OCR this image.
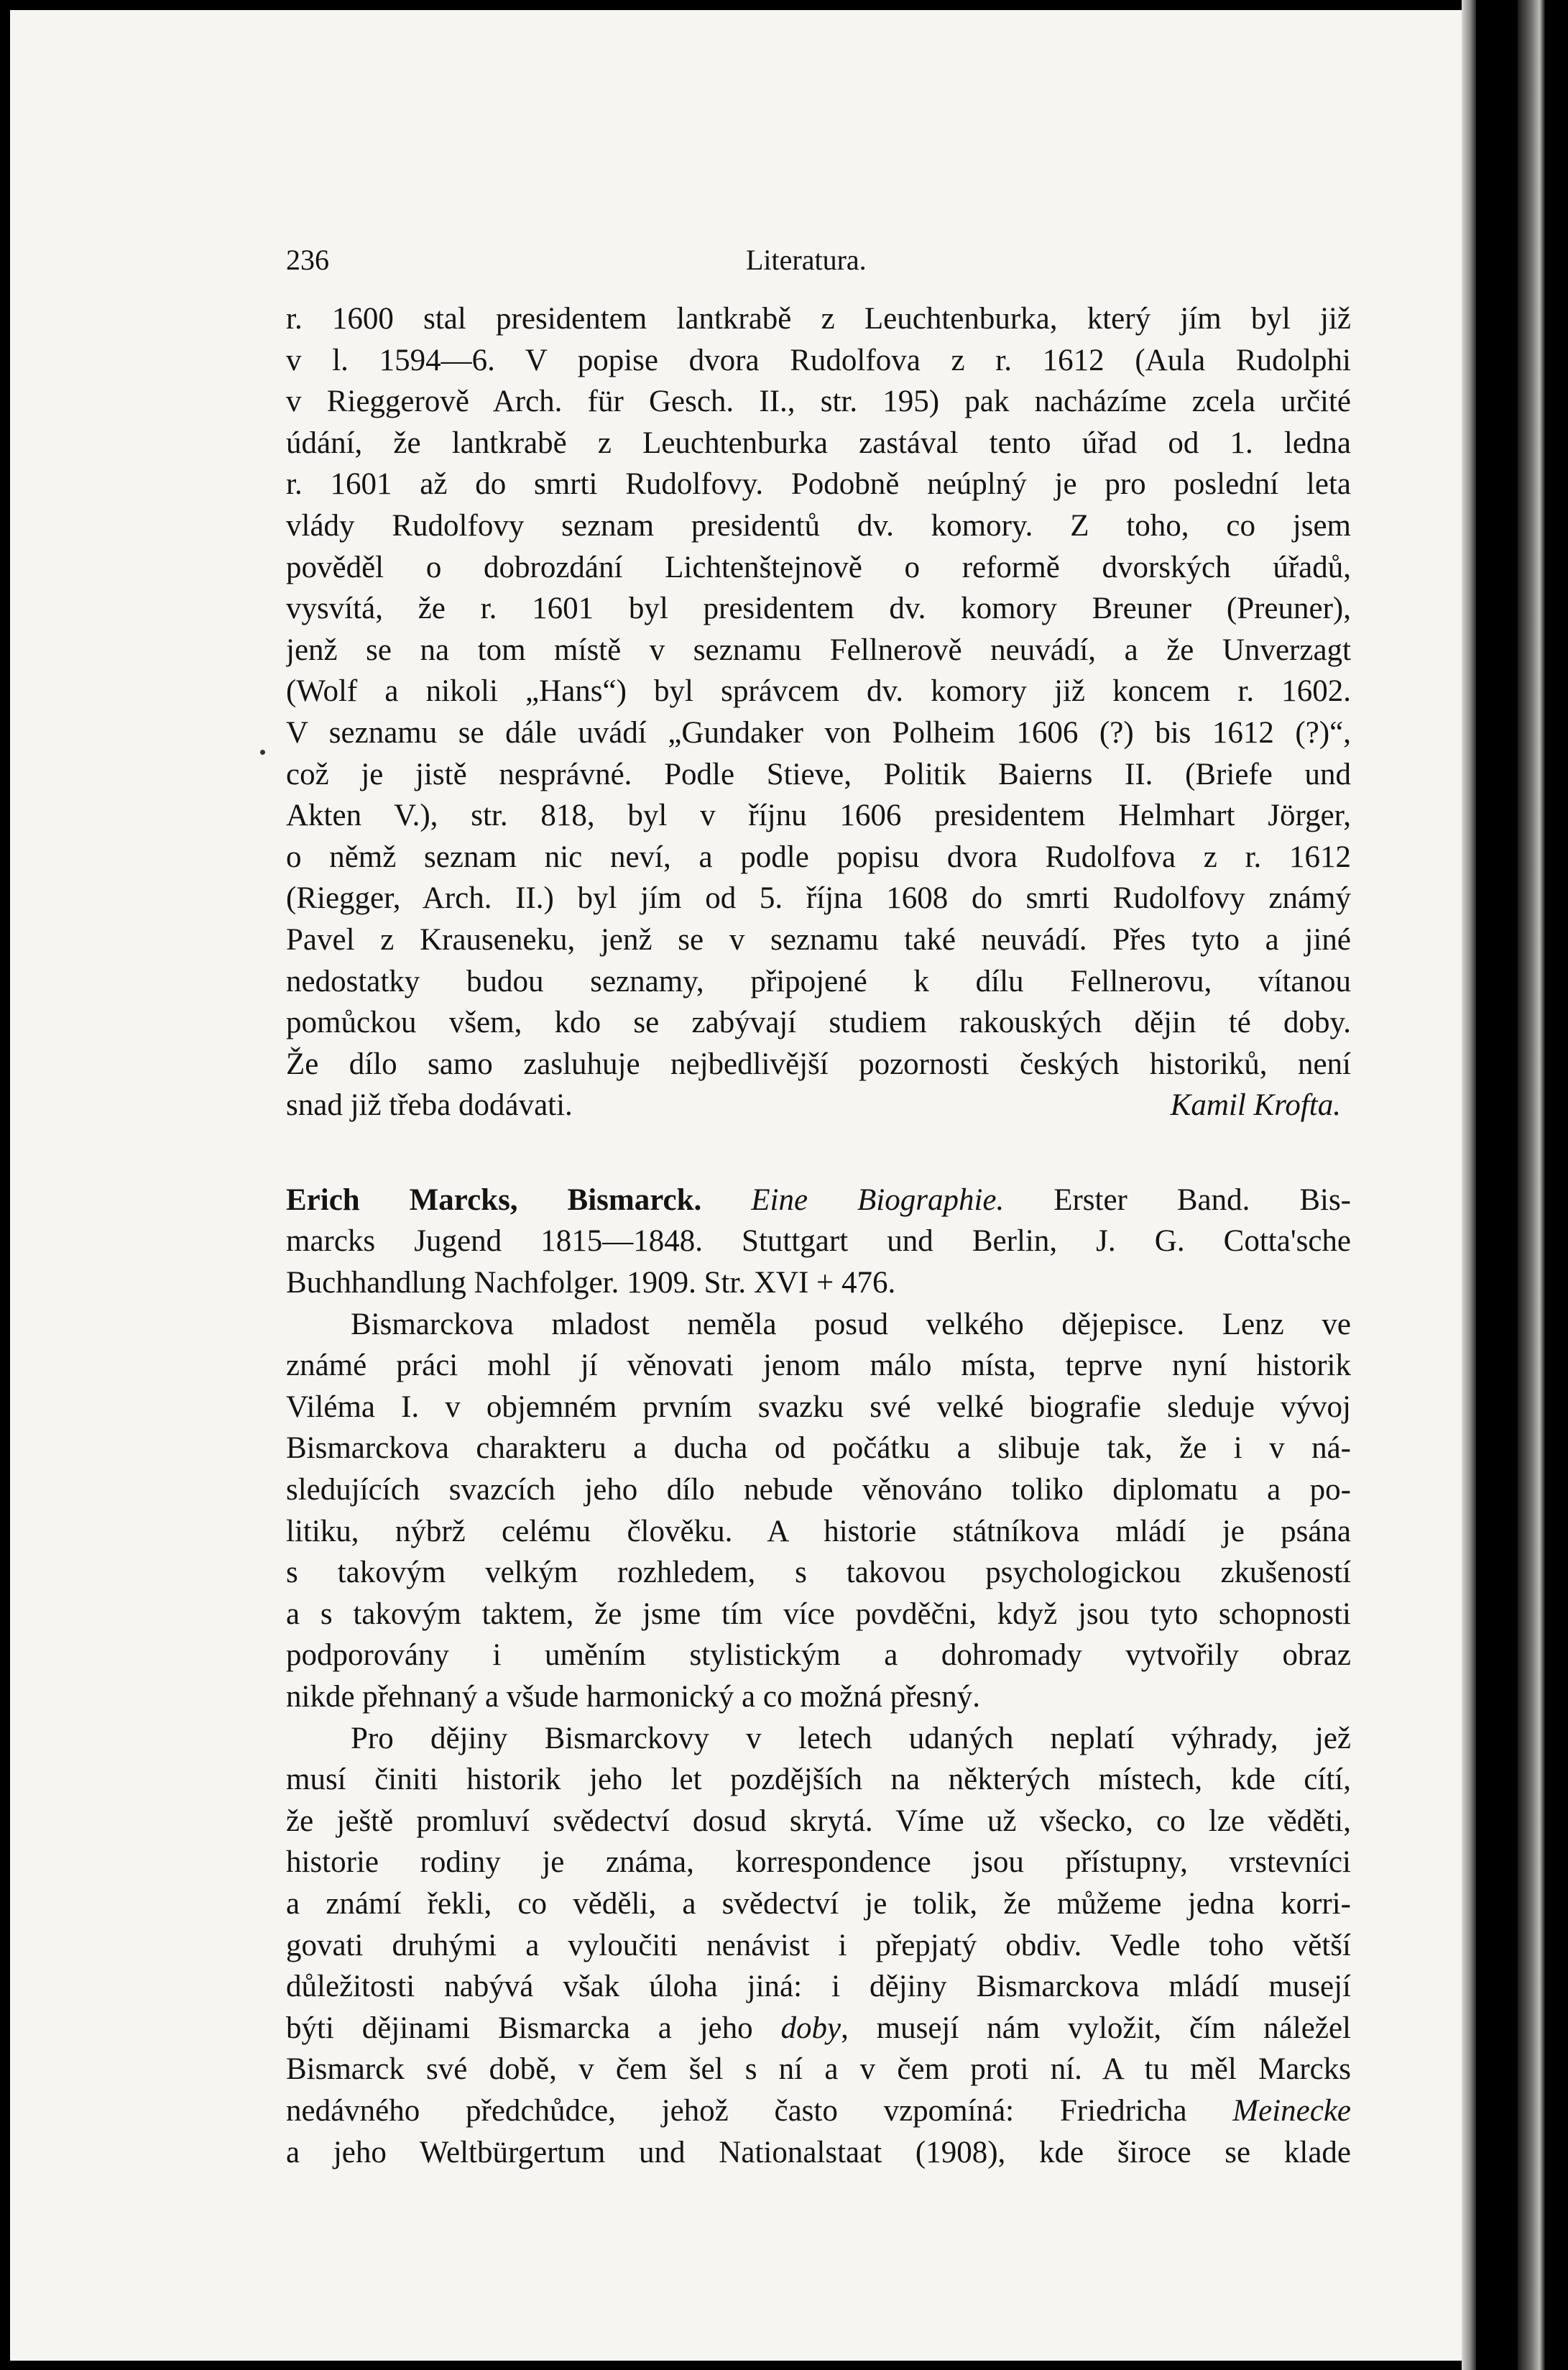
236	Literatura.
r. 1600 stal presidentem lantkrabě z Leuchtenburka, který jím byl již
v l. 1594—6. V popise dvora Rudolfova z r. 1612 (Aula Rudolphi
v Rieggerově Arch. für Gesch. II., str. 195) pak nacházíme zcela určité
údání, že lantkrabě z Leuchtenburka zastával tento úřad od 1. ledna
r. 1601 až do smrti Rudolfovy. Podobně neúplný je pro poslední leta
vlády Rudolfovy seznam presidentů dv. komory. Z toho, co jsem
pověděl o dobrozdání Lichtenštejnově o reformě dvorských úřadů,
vysvítá, že r. 1601 byl presidentem dv. komory Breuner (Preuner),
jenž se na tom místě v seznamu Fellnerově neuvádí, a že Unverzagt
(Wolf a nikoli „Hans“) byl správcem dv. komory již koncem r. 1602.
V seznamu se dále uvádí „Gundaker von Polheim 1606 (?) bis 1612 (?)“,
což je jistě nesprávné. Podle Stieve, Politik Baierns II. (Briefe und
Akten V.), str. 818, byl v říjnu 1606 presidentem Helmhart Jörger,
o němž seznam nic neví, a podle popisu dvora Rudolfova z r. 1612
(Riegger, Arch. II.) byl jím od 5. října 1608 do smrti Rudolfovy známý
Pavel z Krauseneku, jenž se v seznamu také neuvádí. Přes tyto a jiné
nedostatky budou seznamy, připojené k dílu Fellnerovu, vítanou
pomůckou všem, kdo se zabývají studiem rakouských dějin té doby.
Že dílo samo zasluhuje nejbedlivější pozornosti českých historiků, není
snad již třeba dodávati.	Kamil Krofta.
Erich Marcks, Bismarck. Eine Biographie. Erster Band. Bis-
marcks Jugend 1815—1848. Stuttgart und Berlin, J. G. Cotta'sche
Buchhandlung Nachfolger. 1909. Str. XVI + 476.
Bismarckova mladost neměla posud velkého dějepisce. Lenz ve
známé práci mohl jí věnovati jenom málo místa, teprve nyní historik
Viléma I. v objemném prvním svazku své velké biografie sleduje vývoj
Bismarckova charakteru a ducha od počátku a slibuje tak, že i v ná-
sledujících svazcích jeho dílo nebude věnováno toliko diplomatu a po-
litiku, nýbrž celému člověku. A historie státníkova mládí je psána
s takovým velkým rozhledem, s takovou psychologickou zkušeností
a s takovým taktem, že jsme tím více povděčni, když jsou tyto schopnosti
podporovány i uměním stylistickým a dohromady vytvořily obraz
nikde přehnaný a všude harmonický a co možná přesný.
Pro dějiny Bismarckovy v letech udaných neplatí výhrady, jež
musí činiti historik jeho let pozdějších na některých místech, kde cítí,
že ještě promluví svědectví dosud skrytá. Víme už všecko, co lze věděti,
historie rodiny je známa, korrespondence jsou přístupny, vrstevníci
a známí řekli, co věděli, a svědectví je tolik, že můžeme jedna korri-
govati druhými a vyloučiti nenávist i přepjatý obdiv. Vedle toho větší
důležitosti nabývá však úloha jiná: i dějiny Bismarckova mládí musejí
býti dějinami Bismarcka a jeho doby, musejí nám vyložit, čím náležel
Bismarck své době, v čem šel s ní a v čem proti ní. A tu měl Marcks
nedávného předchůdce, jehož často vzpomíná: Friedricha Meinecke
a jeho Weltbürgertum und Nationalstaat (1908), kde široce se klade
